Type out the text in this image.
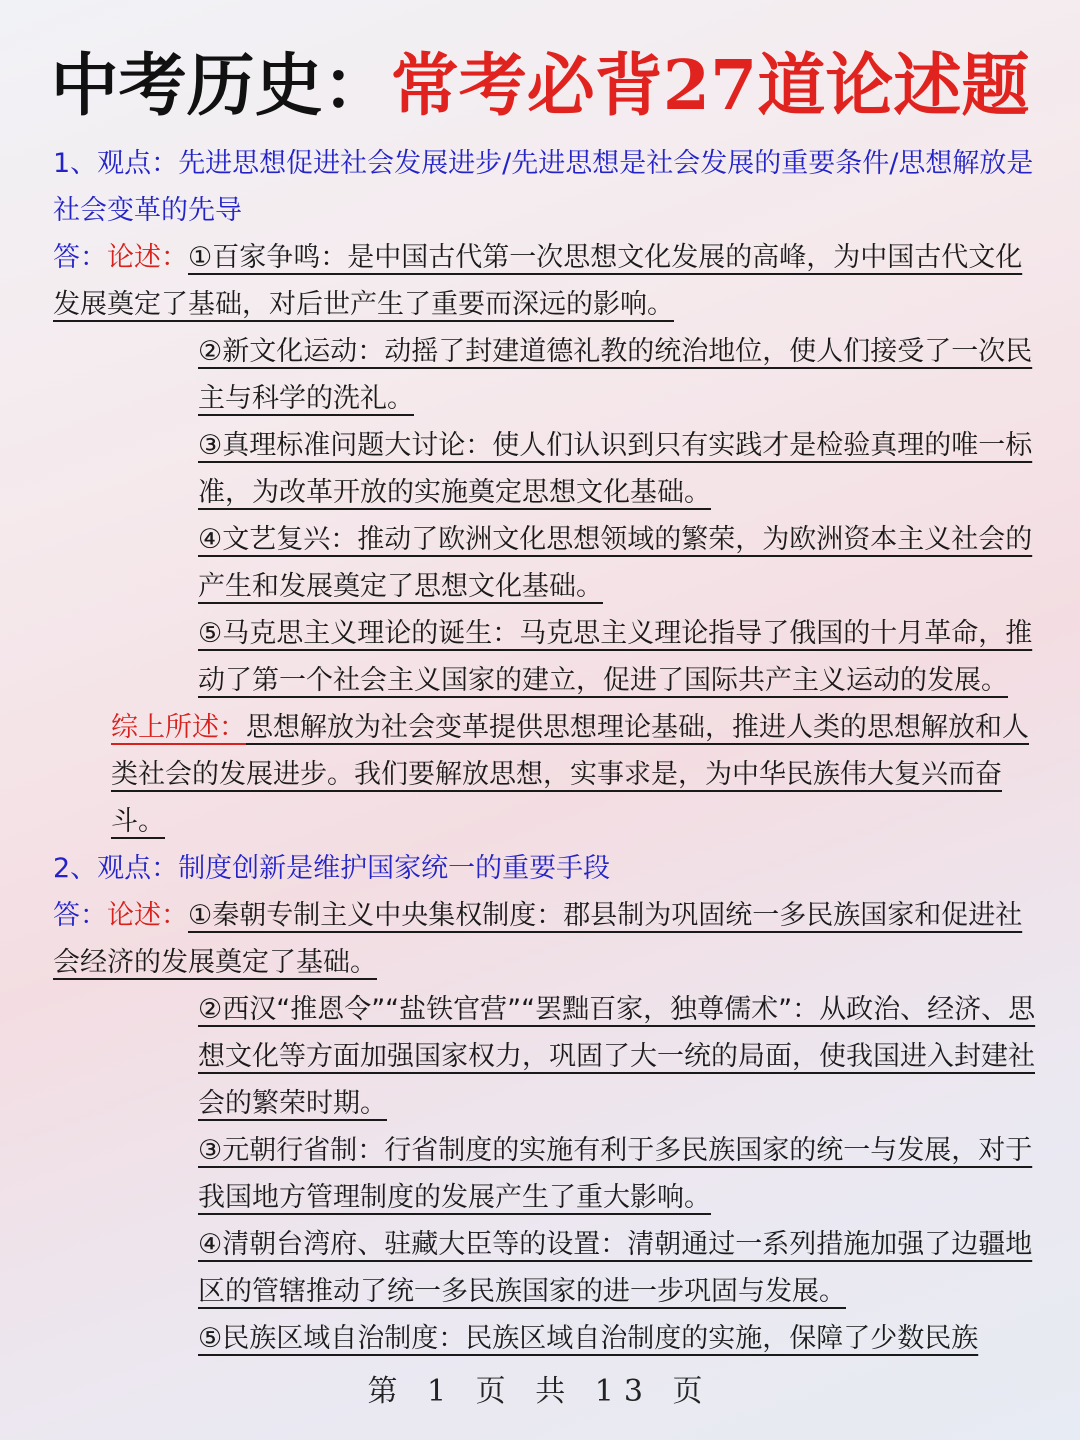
中考历史：常考必背27道论述题

1、观点：先进思想促进社会发展进步/先进思想是社会发展的重要条件/思想解放是社会变革的先导

答：论述：①百家争鸣：是中国古代第一次思想文化发展的高峰，为中国古代文化发展奠定了基础，对后世产生了重要而深远的影响。

②新文化运动：动摇了封建道德礼教的统治地位，使人们接受了一次民主与科学的洗礼。

③真理标准问题大讨论：使人们认识到只有实践才是检验真理的唯一标准，为改革开放的实施奠定思想文化基础。

④文艺复兴：推动了欧洲文化思想领域的繁荣，为欧洲资本主义社会的产生和发展奠定了思想文化基础。

⑤马克思主义理论的诞生：马克思主义理论指导了俄国的十月革命，推动了第一个社会主义国家的建立，促进了国际共产主义运动的发展。

综上所述：思想解放为社会变革提供思想理论基础，推进人类的思想解放和人类社会的发展进步。我们要解放思想，实事求是，为中华民族伟大复兴而奋斗。

2、观点：制度创新是维护国家统一的重要手段

答：论述：①秦朝专制主义中央集权制度：郡县制为巩固统一多民族国家和促进社会经济的发展奠定了基础。

②西汉“推恩令”“盐铁官营”“罢黜百家，独尊儒术”：从政治、经济、思想文化等方面加强国家权力，巩固了大一统的局面，使我国进入封建社会的繁荣时期。

③元朝行省制：行省制度的实施有利于多民族国家的统一与发展，对于我国地方管理制度的发展产生了重大影响。

④清朝台湾府、驻藏大臣等的设置：清朝通过一系列措施加强了边疆地区的管辖推动了统一多民族国家的进一步巩固与发展。

⑤民族区域自治制度：民族区域自治制度的实施，保障了少数民族

第 1 页 共 13 页
